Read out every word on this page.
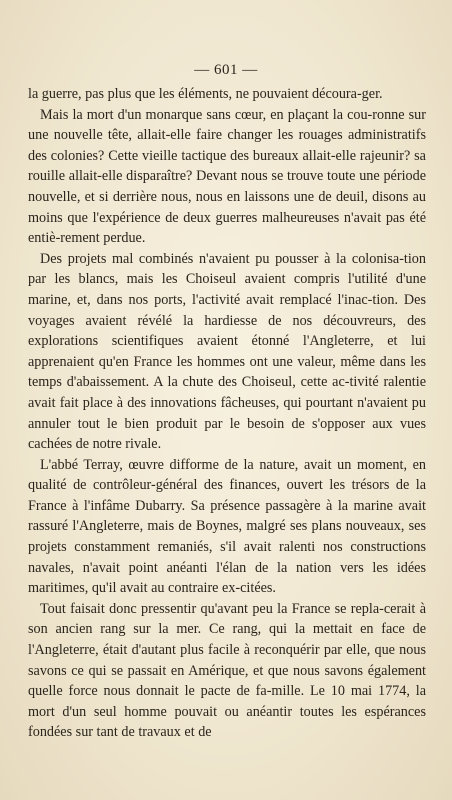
— 601 —

la guerre, pas plus que les éléments, ne pouvaient découra-ger.

Mais la mort d'un monarque sans cœur, en plaçant la cou-ronne sur une nouvelle tête, allait-elle faire changer les rouages administratifs des colonies? Cette vieille tactique des bureaux allait-elle rajeunir? sa rouille allait-elle disparaître? Devant nous se trouve toute une période nouvelle, et si derrière nous, nous en laissons une de deuil, disons au moins que l'expérience de deux guerres malheureuses n'avait pas été entiè-rement perdue.

Des projets mal combinés n'avaient pu pousser à la colonisa-tion par les blancs, mais les Choiseul avaient compris l'utilité d'une marine, et, dans nos ports, l'activité avait remplacé l'inac-tion. Des voyages avaient révélé la hardiesse de nos découvreurs, des explorations scientifiques avaient étonné l'Angleterre, et lui apprenaient qu'en France les hommes ont une valeur, même dans les temps d'abaissement. A la chute des Choiseul, cette ac-tivité ralentie avait fait place à des innovations fâcheuses, qui pourtant n'avaient pu annuler tout le bien produit par le besoin de s'opposer aux vues cachées de notre rivale.

L'abbé Terray, œuvre difforme de la nature, avait un moment, en qualité de contrôleur-général des finances, ouvert les trésors de la France à l'infâme Dubarry. Sa présence passagère à la marine avait rassuré l'Angleterre, mais de Boynes, malgré ses plans nouveaux, ses projets constamment remaniés, s'il avait ralenti nos constructions navales, n'avait point anéanti l'élan de la nation vers les idées maritimes, qu'il avait au contraire ex-citées.

Tout faisait donc pressentir qu'avant peu la France se repla-cerait à son ancien rang sur la mer. Ce rang, qui la mettait en face de l'Angleterre, était d'autant plus facile à reconquérir par elle, que nous savons ce qui se passait en Amérique, et que nous savons également quelle force nous donnait le pacte de fa-mille. Le 10 mai 1774, la mort d'un seul homme pouvait ou anéantir toutes les espérances fondées sur tant de travaux et de
